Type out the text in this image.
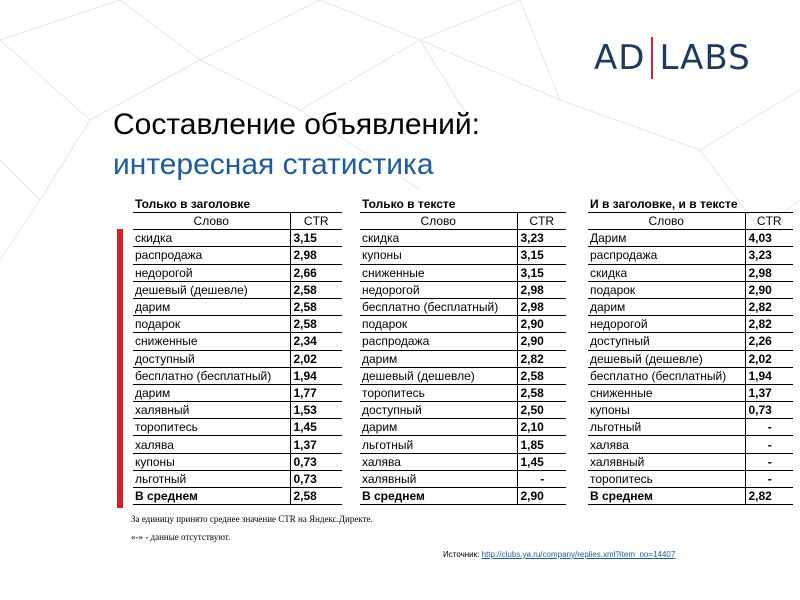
AD LABS
Составление объявлений:
интересная статистика
Только в заголовке
Слово	CTR
скидка	3,15
распродажа	2,98
недорогой	2,66
дешевый (дешевле)	2,58
дарим	2,58
подарок	2,58
сниженные	2,34
доступный	2,02
бесплатно (бесплатный)	1,94
дарим	1,77
халявный	1,53
торопитесь	1,45
халява	1,37
купоны	0,73
льготный	0,73
В среднем	2,58
Только в тексте
Слово	CTR
скидка	3,23
купоны	3,15
сниженные	3,15
недорогой	2,98
бесплатно (бесплатный)	2,98
подарок	2,90
распродажа	2,90
дарим	2,82
дешевый (дешевле)	2,58
торопитесь	2,58
доступный	2,50
дарим	2,10
льготный	1,85
халява	1,45
халявный	-
В среднем	2,90
И в заголовке, и в тексте
Слово	CTR
Дарим	4,03
распродажа	3,23
скидка	2,98
подарок	2,90
дарим	2,82
недорогой	2,82
доступный	2,26
дешевый (дешевле)	2,02
бесплатно (бесплатный)	1,94
сниженные	1,37
купоны	0,73
льготный	-
халява	-
халявный	-
торопитесь	-
В среднем	2,82
За единицу принято среднее значение CTR на Яндекс.Директе.
«-» - данные отсутствуют.
Источник: http://clubs.ya.ru/company/replies.xml?item_no=14407
